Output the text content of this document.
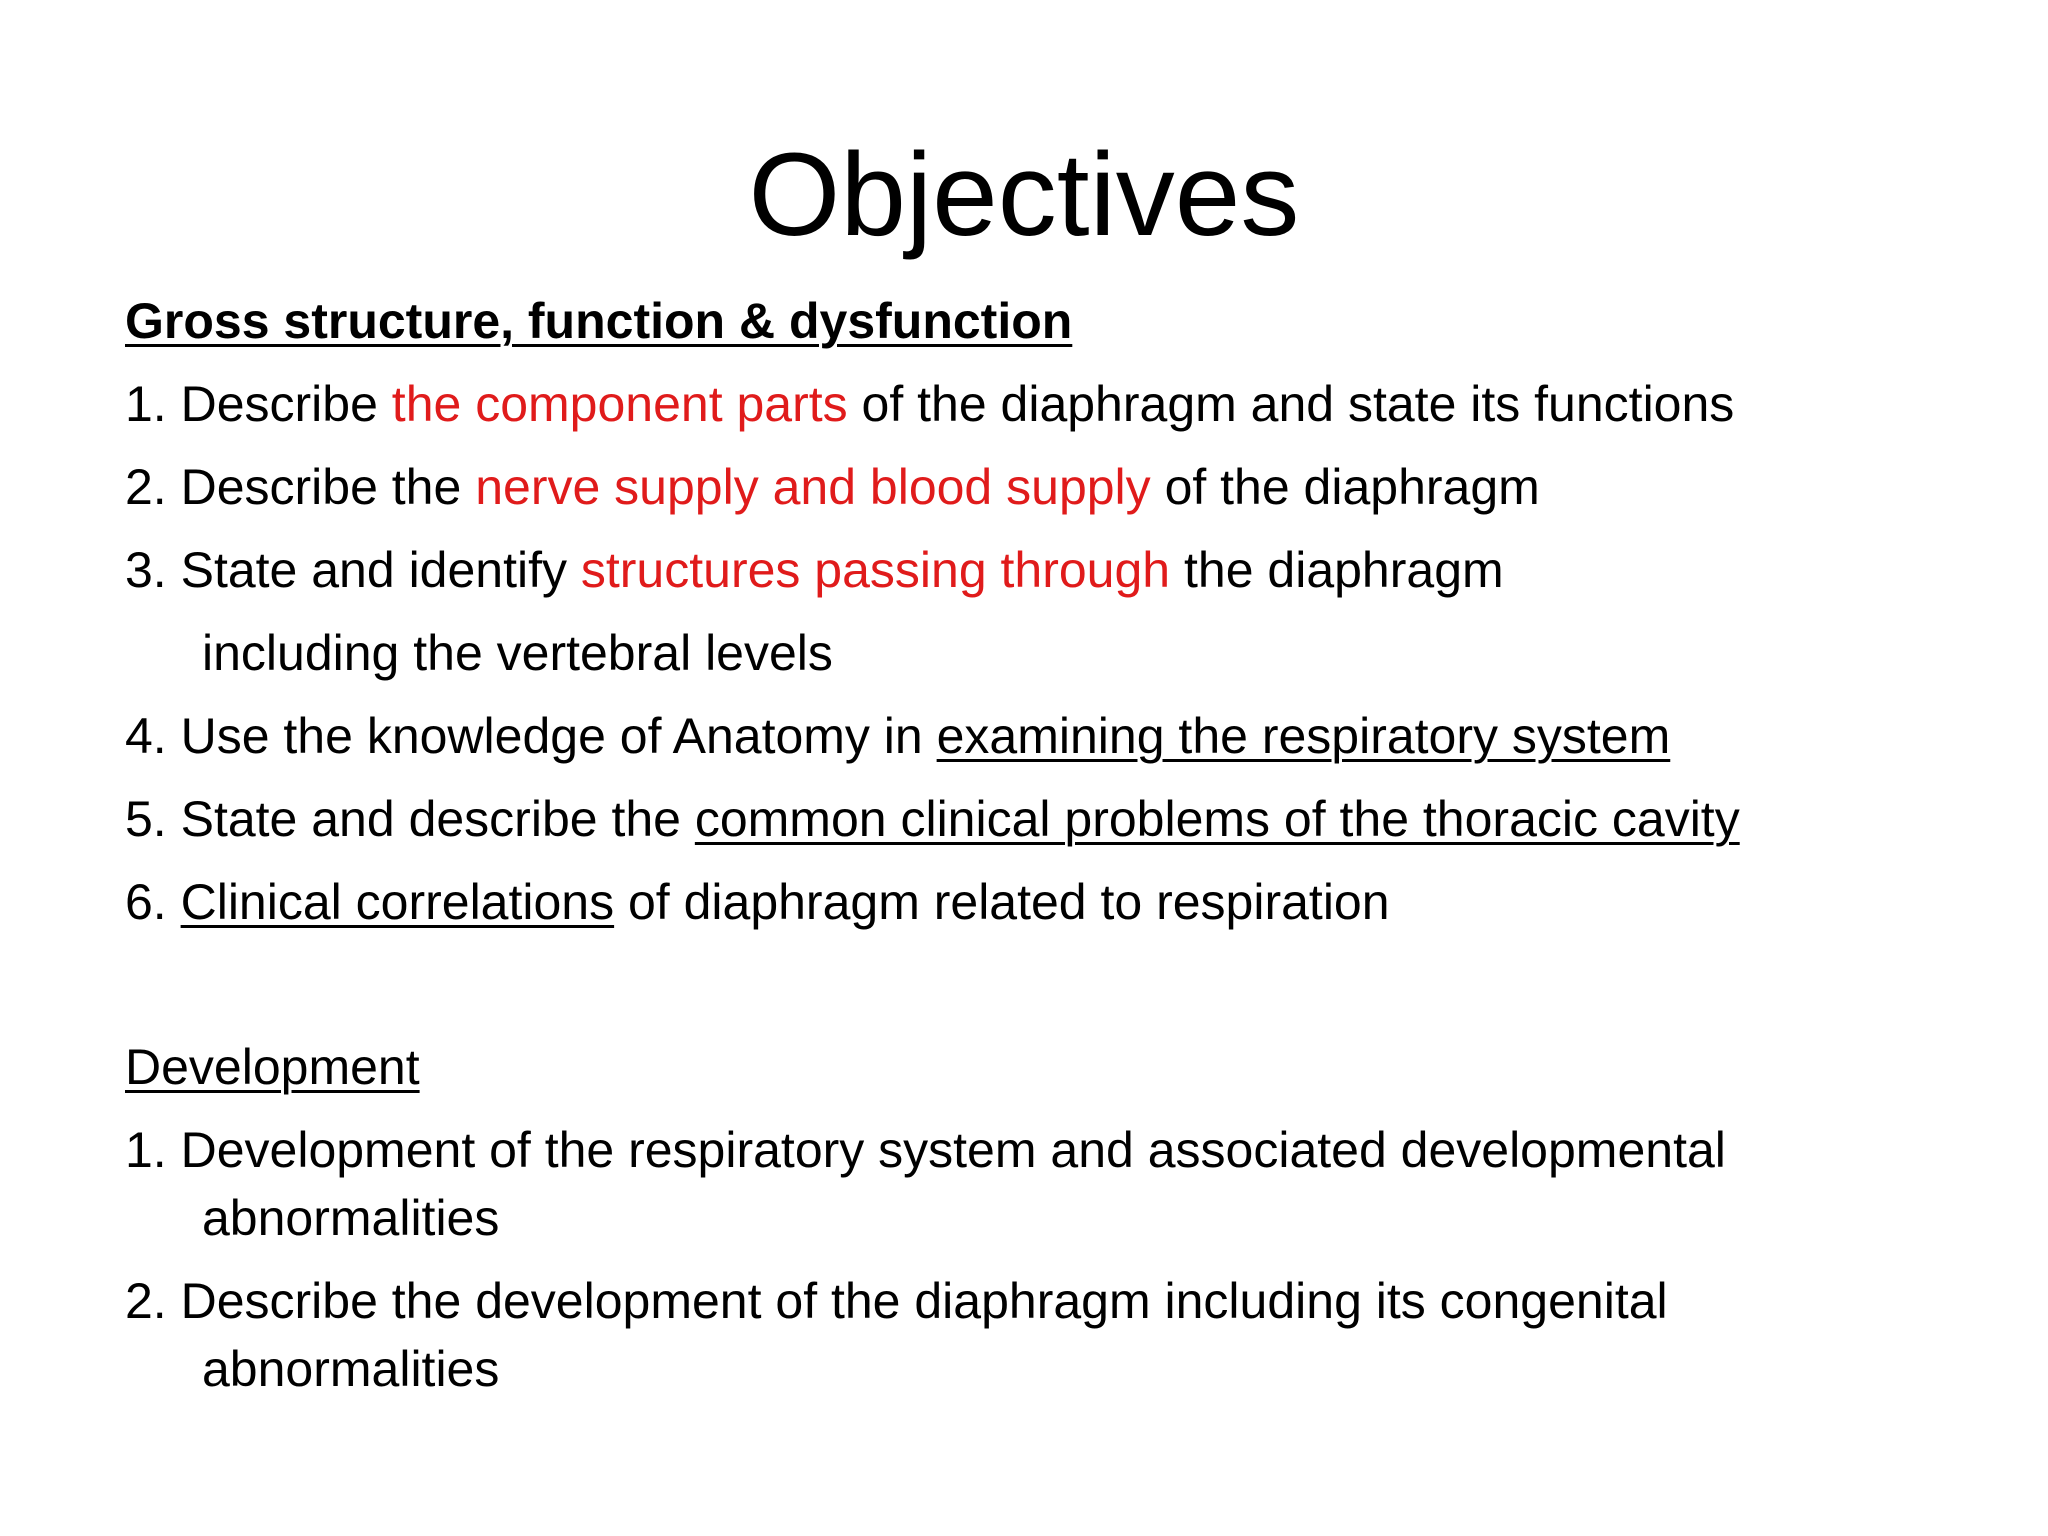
Objectives
Gross structure, function & dysfunction
1. Describe the component parts of the diaphragm and state its functions
2. Describe the nerve supply and blood supply of the diaphragm
3. State and identify structures passing through the diaphragm
including the vertebral levels
4. Use the knowledge of Anatomy in examining the respiratory system
5. State and describe the common clinical problems of the thoracic cavity
6. Clinical correlations of diaphragm related to respiration
Development
1. Development of the respiratory system and associated developmental
abnormalities
2. Describe the development of the diaphragm including its congenital
abnormalities
